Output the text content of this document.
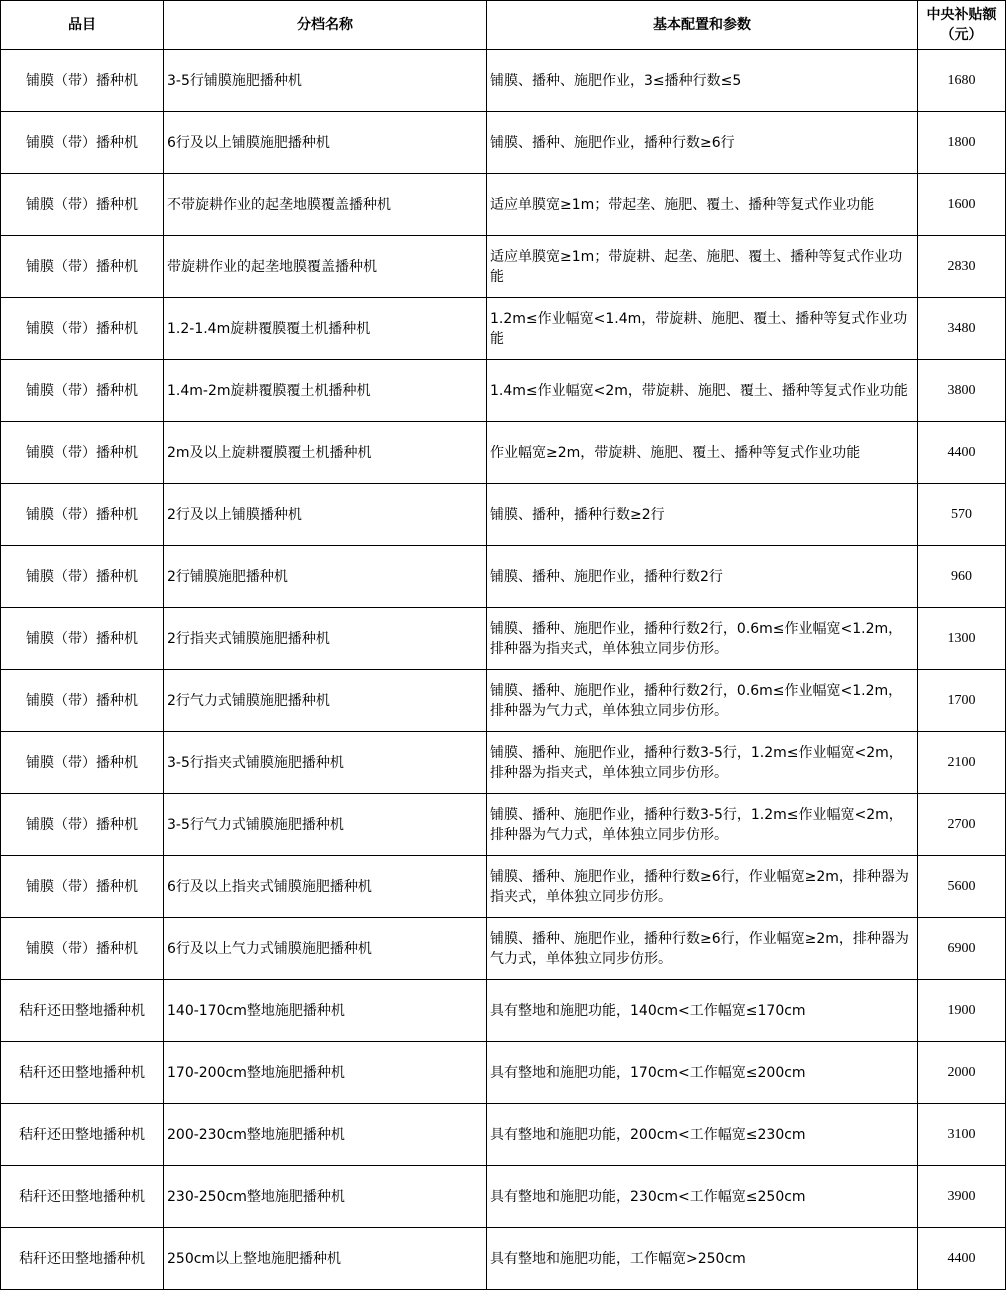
品目	分档名称	基本配置和参数	中央补贴额（元）
铺膜（带）播种机	3-5行铺膜施肥播种机	铺膜、播种、施肥作业，3≤播种行数≤5	1680
铺膜（带）播种机	6行及以上铺膜施肥播种机	铺膜、播种、施肥作业，播种行数≥6行	1800
铺膜（带）播种机	不带旋耕作业的起垄地膜覆盖播种机	适应单膜宽≥1m；带起垄、施肥、覆土、播种等复式作业功能	1600
铺膜（带）播种机	带旋耕作业的起垄地膜覆盖播种机	适应单膜宽≥1m；带旋耕、起垄、施肥、覆土、播种等复式作业功能	2830
铺膜（带）播种机	1.2-1.4m旋耕覆膜覆土机播种机	1.2m≤作业幅宽<1.4m，带旋耕、施肥、覆土、播种等复式作业功能	3480
铺膜（带）播种机	1.4m-2m旋耕覆膜覆土机播种机	1.4m≤作业幅宽<2m，带旋耕、施肥、覆土、播种等复式作业功能	3800
铺膜（带）播种机	2m及以上旋耕覆膜覆土机播种机	作业幅宽≥2m，带旋耕、施肥、覆土、播种等复式作业功能	4400
铺膜（带）播种机	2行及以上铺膜播种机	铺膜、播种，播种行数≥2行	570
铺膜（带）播种机	2行铺膜施肥播种机	铺膜、播种、施肥作业，播种行数2行	960
铺膜（带）播种机	2行指夹式铺膜施肥播种机	铺膜、播种、施肥作业，播种行数2行，0.6m≤作业幅宽<1.2m，排种器为指夹式，单体独立同步仿形。	1300
铺膜（带）播种机	2行气力式铺膜施肥播种机	铺膜、播种、施肥作业，播种行数2行，0.6m≤作业幅宽<1.2m，排种器为气力式，单体独立同步仿形。	1700
铺膜（带）播种机	3-5行指夹式铺膜施肥播种机	铺膜、播种、施肥作业，播种行数3-5行，1.2m≤作业幅宽<2m，排种器为指夹式，单体独立同步仿形。	2100
铺膜（带）播种机	3-5行气力式铺膜施肥播种机	铺膜、播种、施肥作业，播种行数3-5行，1.2m≤作业幅宽<2m，排种器为气力式，单体独立同步仿形。	2700
铺膜（带）播种机	6行及以上指夹式铺膜施肥播种机	铺膜、播种、施肥作业，播种行数≥6行，作业幅宽≥2m，排种器为指夹式，单体独立同步仿形。	5600
铺膜（带）播种机	6行及以上气力式铺膜施肥播种机	铺膜、播种、施肥作业，播种行数≥6行，作业幅宽≥2m，排种器为气力式，单体独立同步仿形。	6900
秸秆还田整地播种机	140-170cm整地施肥播种机	具有整地和施肥功能，140cm<工作幅宽≤170cm	1900
秸秆还田整地播种机	170-200cm整地施肥播种机	具有整地和施肥功能，170cm<工作幅宽≤200cm	2000
秸秆还田整地播种机	200-230cm整地施肥播种机	具有整地和施肥功能，200cm<工作幅宽≤230cm	3100
秸秆还田整地播种机	230-250cm整地施肥播种机	具有整地和施肥功能，230cm<工作幅宽≤250cm	3900
秸秆还田整地播种机	250cm以上整地施肥播种机	具有整地和施肥功能，工作幅宽>250cm	4400
